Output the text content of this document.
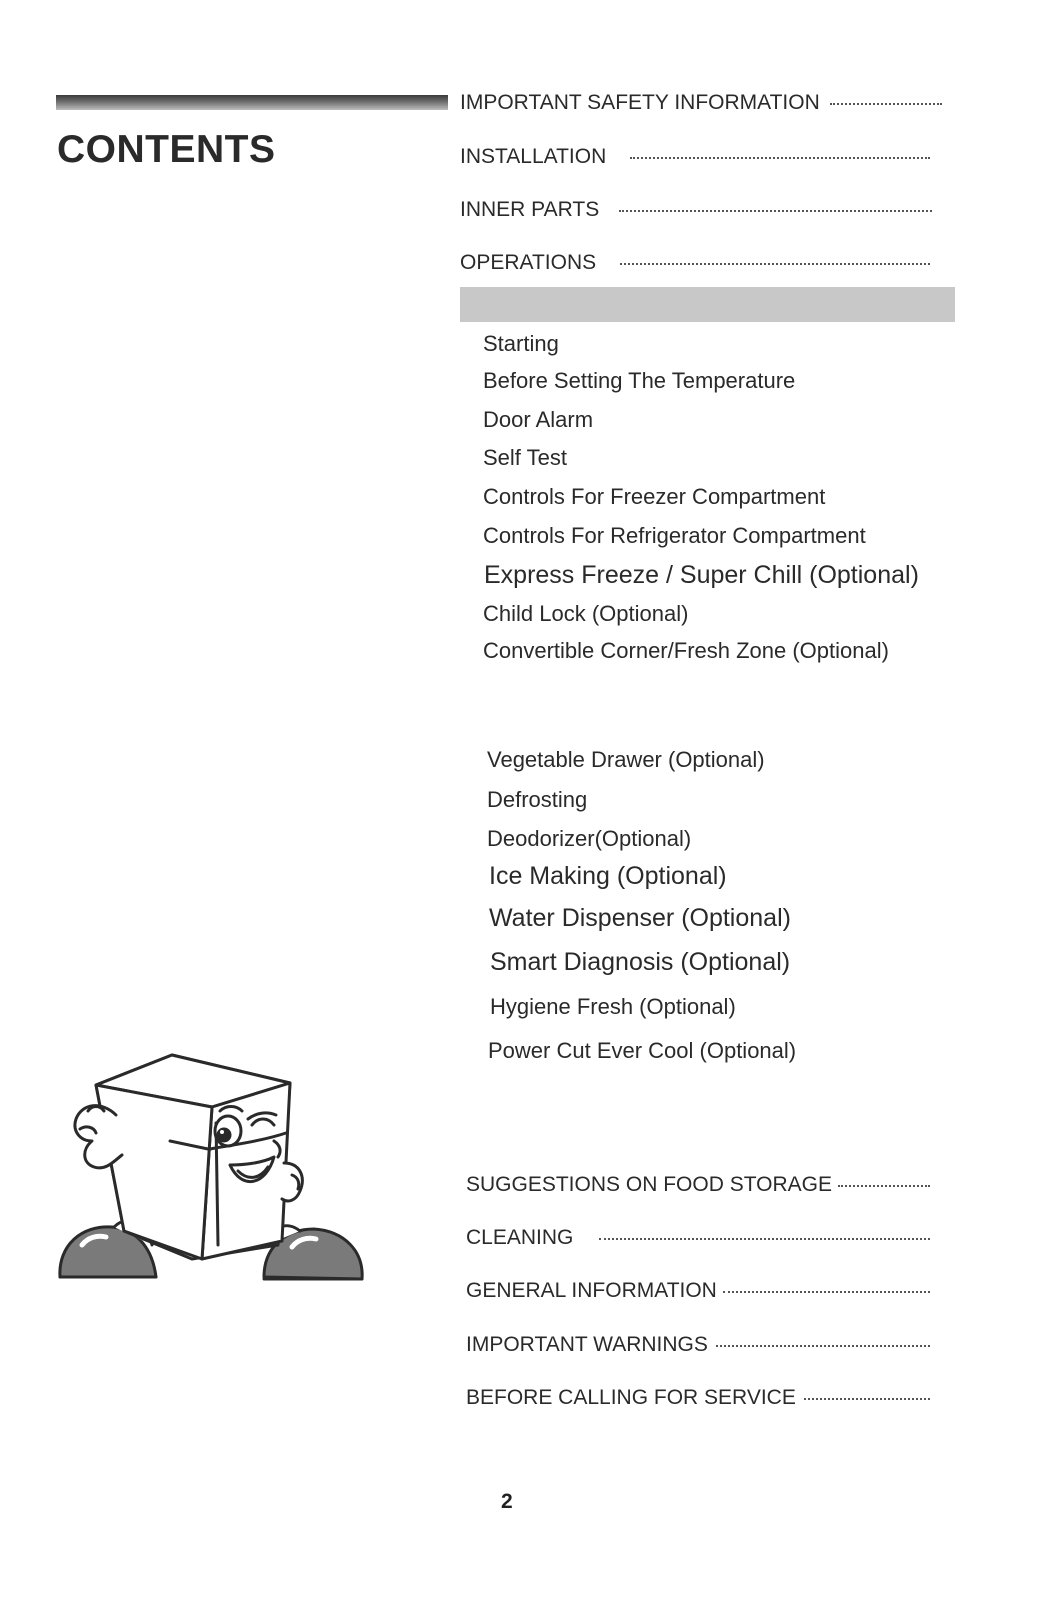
CONTENTS
IMPORTANT SAFETY INFORMATION
INSTALLATION
INNER PARTS
OPERATIONS
Starting
Before Setting The Temperature
Door Alarm
Self Test
Controls For Freezer Compartment
Controls For Refrigerator Compartment
Express Freeze / Super Chill (Optional)
Child Lock (Optional)
Convertible Corner/Fresh Zone (Optional)
Vegetable Drawer (Optional)
Defrosting
Deodorizer(Optional)
Ice Making (Optional)
Water Dispenser (Optional)
Smart Diagnosis (Optional)
Hygiene Fresh (Optional)
Power Cut Ever Cool (Optional)
SUGGESTIONS ON FOOD STORAGE
CLEANING
GENERAL INFORMATION
IMPORTANT WARNINGS
BEFORE CALLING FOR SERVICE
2
